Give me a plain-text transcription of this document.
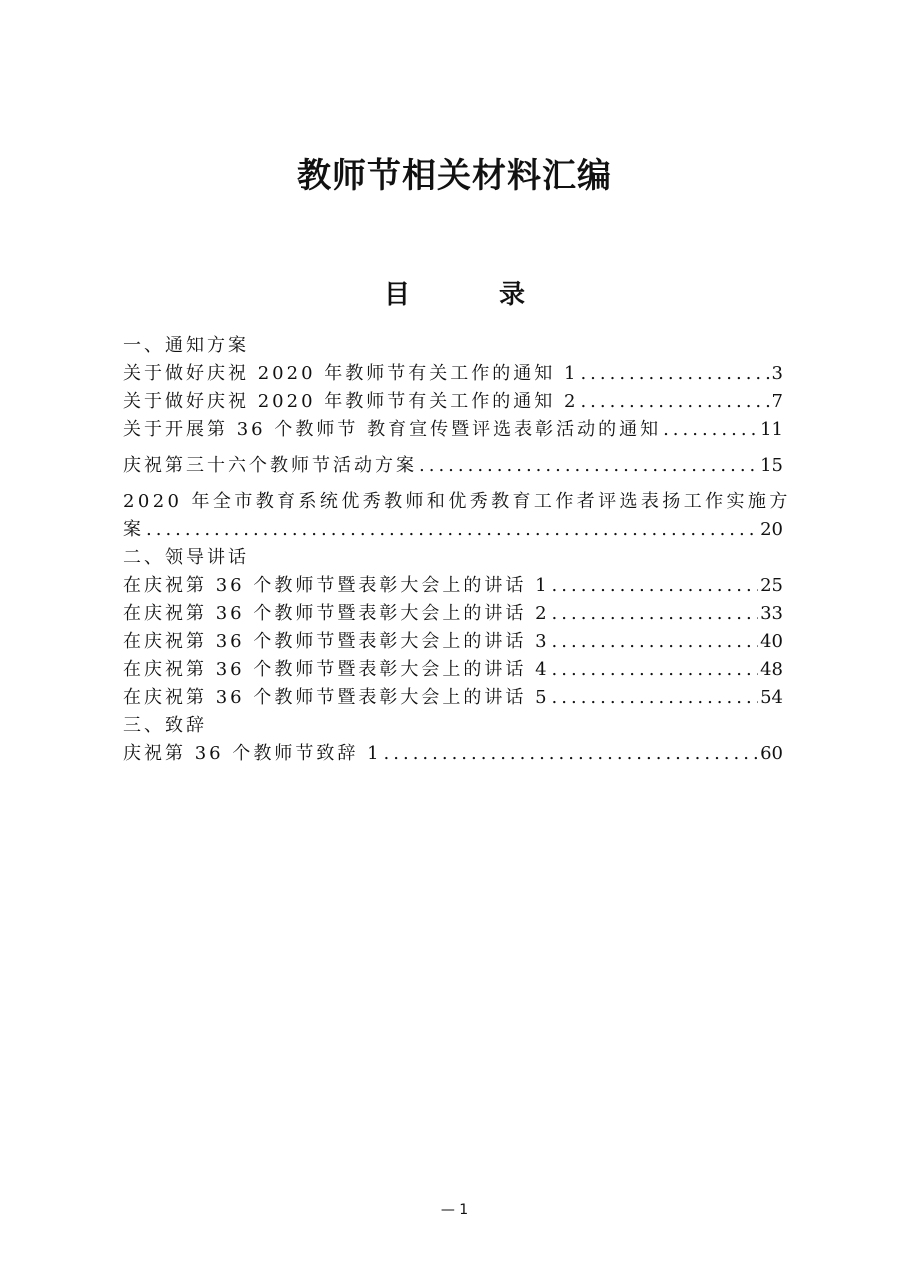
教师节相关材料汇编
目 录
一、通知方案
关于做好庆祝 2020 年教师节有关工作的通知 1 .....	3
关于做好庆祝 2020 年教师节有关工作的通知 2 .....	7
关于开展第 36 个教师节 教育宣传暨评选表彰活动的通知 .....	11
庆祝第三十六个教师节活动方案 .....	15
2020 年全市教育系统优秀教师和优秀教育工作者评选表扬工作实施方
案 .....	20
二、领导讲话
在庆祝第 36 个教师节暨表彰大会上的讲话 1 .....	25
在庆祝第 36 个教师节暨表彰大会上的讲话 2 .....	33
在庆祝第 36 个教师节暨表彰大会上的讲话 3 .....	40
在庆祝第 36 个教师节暨表彰大会上的讲话 4 .....	48
在庆祝第 36 个教师节暨表彰大会上的讲话 5 .....	54
三、致辞
庆祝第 36 个教师节致辞 1 .....	60
— 1
